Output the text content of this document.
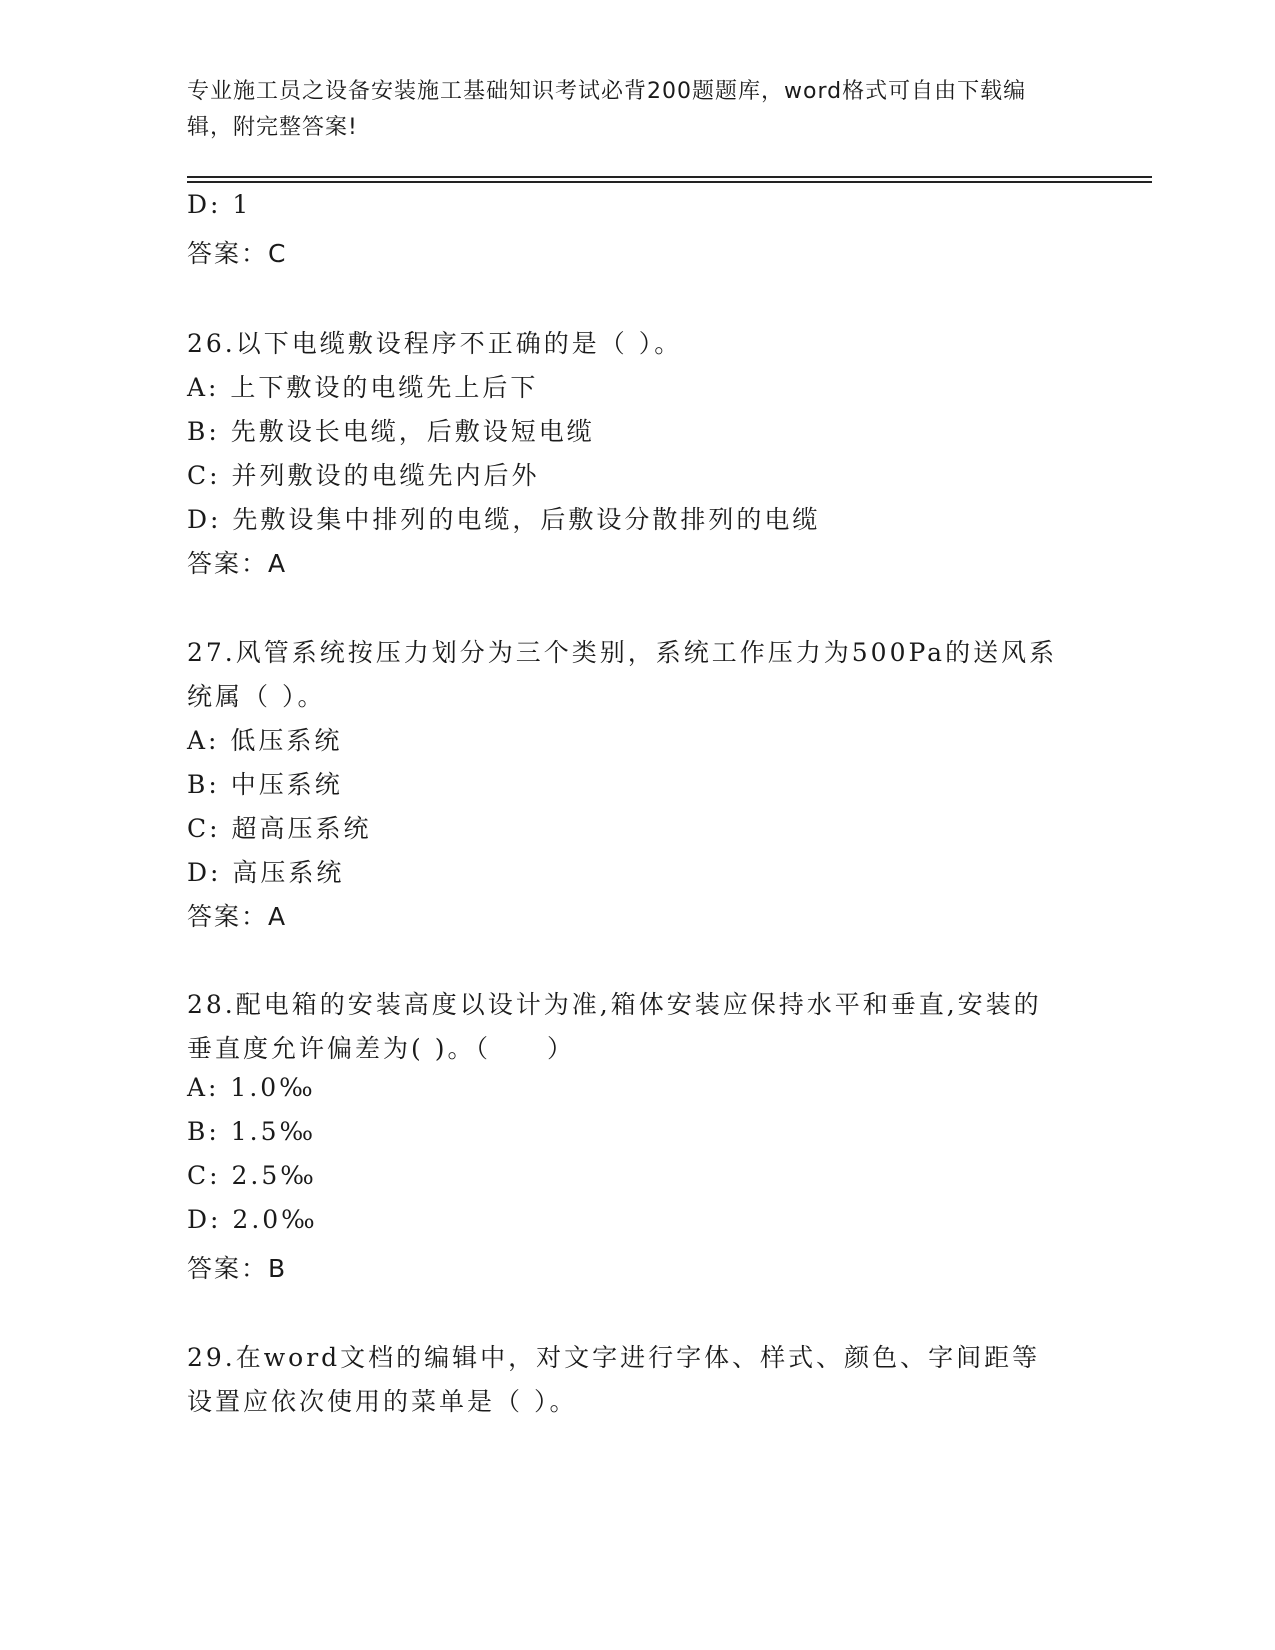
专业施工员之设备安装施工基础知识考试必背200题题库，word格式可自由下载编辑，附完整答案!
D: 1
答案：C
26.以下电缆敷设程序不正确的是（ ）。
A: 上下敷设的电缆先上后下
B: 先敷设长电缆，后敷设短电缆
C: 并列敷设的电缆先内后外
D: 先敷设集中排列的电缆，后敷设分散排列的电缆
答案：A
27.风管系统按压力划分为三个类别，系统工作压力为500Pa的送风系
统属（ ）。
A: 低压系统
B: 中压系统
C: 超高压系统
D: 高压系统
答案：A
28.配电箱的安装高度以设计为准,箱体安装应保持水平和垂直,安装的
垂直度允许偏差为( )。（　　）
A: 1.0‰
B: 1.5‰
C: 2.5‰
D: 2.0‰
答案：B
29.在word文档的编辑中，对文字进行字体、样式、颜色、字间距等
设置应依次使用的菜单是（ ）。
